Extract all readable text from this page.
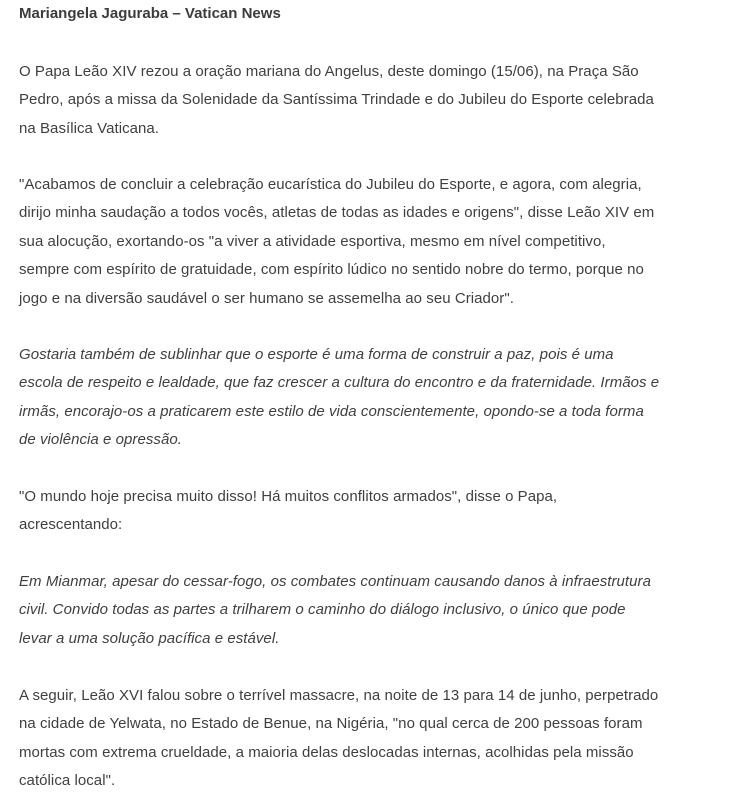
Mariangela Jaguraba – Vatican News

O Papa Leão XIV rezou a oração mariana do Angelus, deste domingo (15/06), na Praça São
Pedro, após a missa da Solenidade da Santíssima Trindade e do Jubileu do Esporte celebrada
na Basílica Vaticana.

"Acabamos de concluir a celebração eucarística do Jubileu do Esporte, e agora, com alegria,
dirijo minha saudação a todos vocês, atletas de todas as idades e origens", disse Leão XIV em
sua alocução, exortando-os "a viver a atividade esportiva, mesmo em nível competitivo,
sempre com espírito de gratuidade, com espírito lúdico no sentido nobre do termo, porque no
jogo e na diversão saudável o ser humano se assemelha ao seu Criador".

Gostaria também de sublinhar que o esporte é uma forma de construir a paz, pois é uma
escola de respeito e lealdade, que faz crescer a cultura do encontro e da fraternidade. Irmãos e
irmãs, encorajo-os a praticarem este estilo de vida conscientemente, opondo-se a toda forma
de violência e opressão.

"O mundo hoje precisa muito disso! Há muitos conflitos armados", disse o Papa,
acrescentando:

Em Mianmar, apesar do cessar-fogo, os combates continuam causando danos à infraestrutura
civil. Convido todas as partes a trilharem o caminho do diálogo inclusivo, o único que pode
levar a uma solução pacífica e estável.

A seguir, Leão XVI falou sobre o terrível massacre, na noite de 13 para 14 de junho, perpetrado
na cidade de Yelwata, no Estado de Benue, na Nigéria, "no qual cerca de 200 pessoas foram
mortas com extrema crueldade, a maioria delas deslocadas internas, acolhidas pela missão
católica local".
